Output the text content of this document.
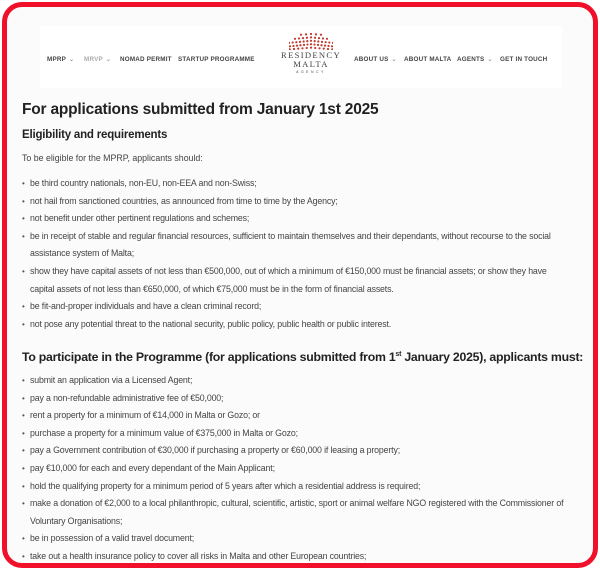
MPRP ⌄ MRVP ⌄ NOMAD PERMIT STARTUP PROGRAMME	RESIDENCY
MALTA
AGENCY
ABOUT US ⌄ ABOUT MALTA AGENTS ⌄ GET IN TOUCH
For applications submitted from January 1st 2025
Eligibility and requirements
To be eligible for the MPRP, applicants should:
• be third country nationals, non-EU, non-EEA and non-Swiss;
• not hail from sanctioned countries, as announced from time to time by the Agency;
• not benefit under other pertinent regulations and schemes;
• be in receipt of stable and regular financial resources, sufficient to maintain themselves and their dependants, without recourse to the social assistance system of Malta;
• show they have capital assets of not less than €500,000, out of which a minimum of €150,000 must be financial assets; or show they have capital assets of not less than €650,000, of which €75,000 must be in the form of financial assets.
• be fit-and-proper individuals and have a clean criminal record;
• not pose any potential threat to the national security, public policy, public health or public interest.
To participate in the Programme (for applications submitted from 1st January 2025), applicants must:
• submit an application via a Licensed Agent;
• pay a non-refundable administrative fee of €50,000;
• rent a property for a minimum of €14,000 in Malta or Gozo; or
• purchase a property for a minimum value of €375,000 in Malta or Gozo;
• pay a Government contribution of €30,000 if purchasing a property or €60,000 if leasing a property;
• pay €10,000 for each and every dependant of the Main Applicant;
• hold the qualifying property for a minimum period of 5 years after which a residential address is required;
• make a donation of €2,000 to a local philanthropic, cultural, scientific, artistic, sport or animal welfare NGO registered with the Commissioner of Voluntary Organisations;
• be in possession of a valid travel document;
• take out a health insurance policy to cover all risks in Malta and other European countries;
